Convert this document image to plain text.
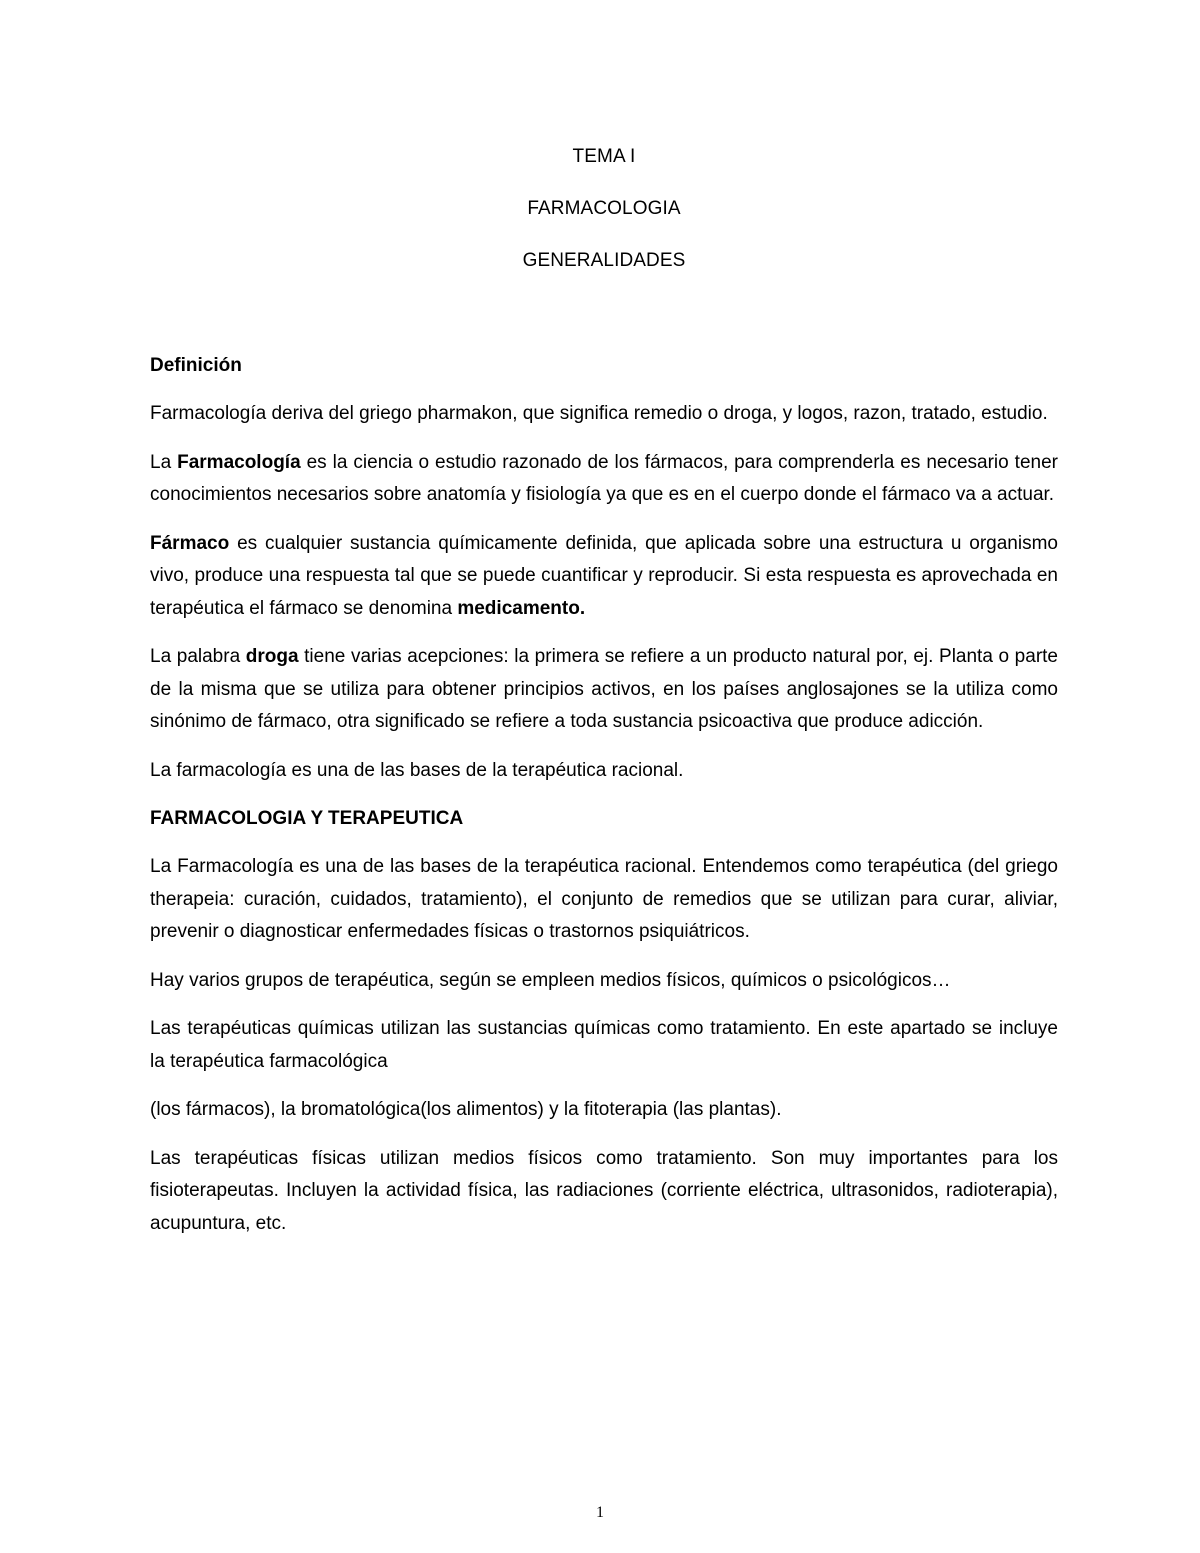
TEMA I
FARMACOLOGIA
GENERALIDADES
Definición

Farmacología deriva del griego pharmakon, que significa remedio o droga, y logos, razon, tratado, estudio.

La Farmacología es la ciencia o estudio razonado de los fármacos, para comprenderla es necesario tener conocimientos necesarios sobre anatomía y fisiología ya que es en el cuerpo donde el fármaco va a actuar.

Fármaco es cualquier sustancia químicamente definida, que aplicada sobre una estructura u organismo vivo, produce una respuesta tal que se puede cuantificar y reproducir. Si esta respuesta es aprovechada en terapéutica el fármaco se denomina medicamento.

La palabra droga tiene varias acepciones: la primera se refiere a un producto natural por, ej. Planta o parte de la misma que se utiliza para obtener principios activos, en los países anglosajones se la utiliza como sinónimo de fármaco, otra significado se refiere a toda sustancia psicoactiva que produce adicción.

La farmacología es una de las bases de la terapéutica racional.

FARMACOLOGIA Y TERAPEUTICA

La Farmacología es una de las bases de la terapéutica racional. Entendemos como terapéutica (del griego therapeia: curación, cuidados, tratamiento), el conjunto de remedios que se utilizan para curar, aliviar, prevenir o diagnosticar enfermedades físicas o trastornos psiquiátricos.

Hay varios grupos de terapéutica, según se empleen medios físicos, químicos o psicológicos…

Las terapéuticas químicas utilizan las sustancias químicas como tratamiento. En este apartado se incluye la terapéutica farmacológica

(los fármacos), la bromatológica(los alimentos) y la fitoterapia (las plantas).

Las terapéuticas físicas utilizan medios físicos como tratamiento. Son muy importantes para los fisioterapeutas. Incluyen la actividad física, las radiaciones (corriente eléctrica, ultrasonidos, radioterapia), acupuntura, etc.

1
